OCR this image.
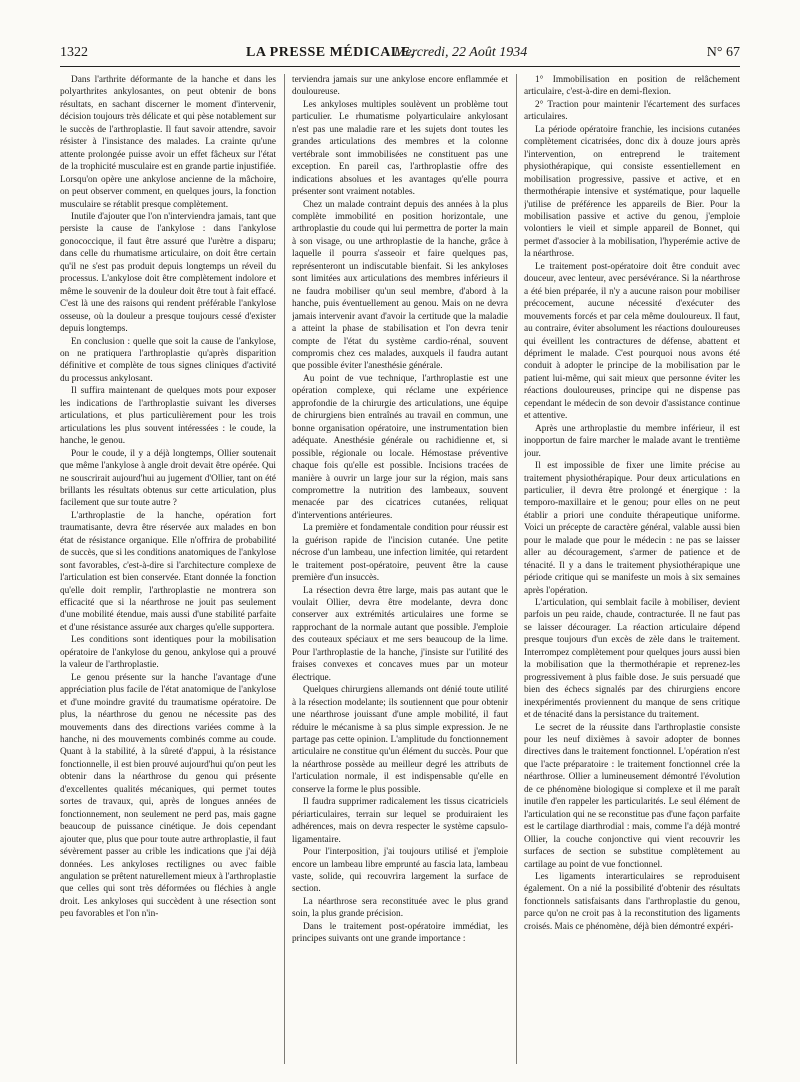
1322	LA PRESSE MÉDICALE,
Mercredi, 22 Août 1934	N° 67

Dans l'arthrite déformante de la hanche et dans les polyarthrites ankylosantes, on peut obtenir de bons résultats, en sachant discerner le moment d'intervenir, décision toujours très délicate et qui pèse notablement sur le succès de l'arthroplastie. Il faut savoir attendre, savoir résister à l'insistance des malades. La crainte qu'une attente prolongée puisse avoir un effet fâcheux sur l'état de la trophicité musculaire est en grande partie injustifiée. Lorsqu'on opère une ankylose ancienne de la mâchoire, on peut observer comment, en quelques jours, la fonction musculaire se rétablit presque complètement.

Inutile d'ajouter que l'on n'interviendra jamais, tant que persiste la cause de l'ankylose : dans l'ankylose gonococcique, il faut être assuré que l'urètre a disparu; dans celle du rhumatisme articulaire, on doit être certain qu'il ne s'est pas produit depuis longtemps un réveil du processus. L'ankylose doit être complètement indolore et même le souvenir de la douleur doit être tout à fait effacé. C'est là une des raisons qui rendent préférable l'ankylose osseuse, où la douleur a presque toujours cessé d'exister depuis longtemps.

En conclusion : quelle que soit la cause de l'ankylose, on ne pratiquera l'arthroplastie qu'après disparition définitive et complète de tous signes cliniques d'activité du processus ankylosant.

Il suffira maintenant de quelques mots pour exposer les indications de l'arthroplastie suivant les diverses articulations, et plus particulièrement pour les trois articulations les plus souvent intéressées : le coude, la hanche, le genou.

Pour le coude, il y a déjà longtemps, Ollier soutenait que même l'ankylose à angle droit devait être opérée. Qui ne souscrirait aujourd'hui au jugement d'Ollier, tant on été brillants les résultats obtenus sur cette articulation, plus facilement que sur toute autre ?

L'arthroplastie de la hanche, opération fort traumatisante, devra être réservée aux malades en bon état de résistance organique. Elle n'offrira de probabilité de succès, que si les conditions anatomiques de l'ankylose sont favorables, c'est-à-dire si l'architecture complexe de l'articulation est bien conservée. Etant donnée la fonction qu'elle doit remplir, l'arthroplastie ne montrera son efficacité que si la néarthrose ne jouit pas seulement d'une mobilité étendue, mais aussi d'une stabilité parfaite et d'une résistance assurée aux charges qu'elle supportera.

Les conditions sont identiques pour la mobilisation opératoire de l'ankylose du genou, ankylose qui a prouvé la valeur de l'arthroplastie.

Le genou présente sur la hanche l'avantage d'une appréciation plus facile de l'état anatomique de l'ankylose et d'une moindre gravité du traumatisme opératoire. De plus, la néarthrose du genou ne nécessite pas des mouvements dans des directions variées comme à la hanche, ni des mouvements combinés comme au coude. Quant à la stabilité, à la sûreté d'appui, à la résistance fonctionnelle, il est bien prouvé aujourd'hui qu'on peut les obtenir dans la néarthrose du genou qui présente d'excellentes qualités mécaniques, qui permet toutes sortes de travaux, qui, après de longues années de fonctionnement, non seulement ne perd pas, mais gagne beaucoup de puissance cinétique. Je dois cependant ajouter que, plus que pour toute autre arthroplastie, il faut sévèrement passer au crible les indications que j'ai déjà données. Les ankyloses rectilignes ou avec faible angulation se prêtent naturellement mieux à l'arthroplastie que celles qui sont très déformées ou fléchies à angle droit. Les ankyloses qui succèdent à une résection sont peu favorables et l'on n'in-

terviendra jamais sur une ankylose encore enflammée et douloureuse.

Les ankyloses multiples soulèvent un problème tout particulier. Le rhumatisme polyarticulaire ankylosant n'est pas une maladie rare et les sujets dont toutes les grandes articulations des membres et la colonne vertébrale sont immobilisées ne constituent pas une exception. En pareil cas, l'arthroplastie offre des indications absolues et les avantages qu'elle pourra présenter sont vraiment notables.

Chez un malade contraint depuis des années à la plus complète immobilité en position horizontale, une arthroplastie du coude qui lui permettra de porter la main à son visage, ou une arthroplastie de la hanche, grâce à laquelle il pourra s'asseoir et faire quelques pas, représenteront un indiscutable bienfait. Si les ankyloses sont limitées aux articulations des membres inférieurs il ne faudra mobiliser qu'un seul membre, d'abord à la hanche, puis éventuellement au genou. Mais on ne devra jamais intervenir avant d'avoir la certitude que la maladie a atteint la phase de stabilisation et l'on devra tenir compte de l'état du système cardio-rénal, souvent compromis chez ces malades, auxquels il faudra autant que possible éviter l'anesthésie générale.

Au point de vue technique, l'arthroplastie est une opération complexe, qui réclame une expérience approfondie de la chirurgie des articulations, une équipe de chirurgiens bien entraînés au travail en commun, une bonne organisation opératoire, une instrumentation bien adéquate. Anesthésie générale ou rachidienne et, si possible, régionale ou locale. Hémostase préventive chaque fois qu'elle est possible. Incisions tracées de manière à ouvrir un large jour sur la région, mais sans compromettre la nutrition des lambeaux, souvent menacée par des cicatrices cutanées, reliquat d'interventions antérieures.

La première et fondamentale condition pour réussir est la guérison rapide de l'incision cutanée. Une petite nécrose d'un lambeau, une infection limitée, qui retardent le traitement post-opératoire, peuvent être la cause première d'un insuccès.

La résection devra être large, mais pas autant que le voulait Ollier, devra être modelante, devra donc conserver aux extrémités articulaires une forme se rapprochant de la normale autant que possible. J'emploie des couteaux spéciaux et me sers beaucoup de la lime. Pour l'arthroplastie de la hanche, j'insiste sur l'utilité des fraises convexes et concaves mues par un moteur électrique.

Quelques chirurgiens allemands ont dénié toute utilité à la résection modelante; ils soutiennent que pour obtenir une néarthrose jouissant d'une ample mobilité, il faut réduire le mécanisme à sa plus simple expression. Je ne partage pas cette opinion. L'amplitude du fonctionnement articulaire ne constitue qu'un élément du succès. Pour que la néarthrose possède au meilleur degré les attributs de l'articulation normale, il est indispensable qu'elle en conserve la forme le plus possible.

Il faudra supprimer radicalement les tissus cicatriciels périarticulaires, terrain sur lequel se produiraient les adhérences, mais on devra respecter le système capsulo-ligamentaire.

Pour l'interposition, j'ai toujours utilisé et j'emploie encore un lambeau libre emprunté au fascia lata, lambeau vaste, solide, qui recouvrira largement la surface de section.

La néarthrose sera reconstituée avec le plus grand soin, la plus grande précision.

Dans le traitement post-opératoire immédiat, les principes suivants ont une grande importance :

1° Immobilisation en position de relâchement articulaire, c'est-à-dire en demi-flexion.

2° Traction pour maintenir l'écartement des surfaces articulaires.

La période opératoire franchie, les incisions cutanées complètement cicatrisées, donc dix à douze jours après l'intervention, on entreprend le traitement physiothérapique, qui consiste essentiellement en mobilisation progressive, passive et active, et en thermothérapie intensive et systématique, pour laquelle j'utilise de préférence les appareils de Bier. Pour la mobilisation passive et active du genou, j'emploie volontiers le vieil et simple appareil de Bonnet, qui permet d'associer à la mobilisation, l'hyperémie active de la néarthrose.

Le traitement post-opératoire doit être conduit avec douceur, avec lenteur, avec persévérance. Si la néarthrose a été bien préparée, il n'y a aucune raison pour mobiliser précocement, aucune nécessité d'exécuter des mouvements forcés et par cela même douloureux. Il faut, au contraire, éviter absolument les réactions douloureuses qui éveillent les contractures de défense, abattent et dépriment le malade. C'est pourquoi nous avons été conduit à adopter le principe de la mobilisation par le patient lui-même, qui sait mieux que personne éviter les réactions douloureuses, principe qui ne dispense pas cependant le médecin de son devoir d'assistance continue et attentive.

Après une arthroplastie du membre inférieur, il est inopportun de faire marcher le malade avant le trentième jour.

Il est impossible de fixer une limite précise au traitement physiothérapique. Pour deux articulations en particulier, il devra être prolongé et énergique : la temporo-maxillaire et le genou; pour elles on ne peut établir a priori une conduite thérapeutique uniforme. Voici un précepte de caractère général, valable aussi bien pour le malade que pour le médecin : ne pas se laisser aller au découragement, s'armer de patience et de ténacité. Il y a dans le traitement physiothérapique une période critique qui se manifeste un mois à six semaines après l'opération.

L'articulation, qui semblait facile à mobiliser, devient parfois un peu raide, chaude, contracturée. Il ne faut pas se laisser décourager. La réaction articulaire dépend presque toujours d'un excès de zèle dans le traitement. Interrompez complètement pour quelques jours aussi bien la mobilisation que la thermothérapie et reprenez-les progressivement à plus faible dose. Je suis persuadé que bien des échecs signalés par des chirurgiens encore inexpérimentés proviennent du manque de sens critique et de ténacité dans la persistance du traitement.

Le secret de la réussite dans l'arthroplastie consiste pour les neuf dixièmes à savoir adopter de bonnes directives dans le traitement fonctionnel. L'opération n'est que l'acte préparatoire : le traitement fonctionnel crée la néarthrose. Ollier a lumineusement démontré l'évolution de ce phénomène biologique si complexe et il me paraît inutile d'en rappeler les particularités. Le seul élément de l'articulation qui ne se reconstitue pas d'une façon parfaite est le cartilage diarthrodial : mais, comme l'a déjà montré Ollier, la couche conjonctive qui vient recouvrir les surfaces de section se substitue complètement au cartilage au point de vue fonctionnel.

Les ligaments interarticulaires se reproduisent également. On a nié la possibilité d'obtenir des résultats fonctionnels satisfaisants dans l'arthroplastie du genou, parce qu'on ne croit pas à la reconstitution des ligaments croisés. Mais ce phénomène, déjà bien démontré expéri-
